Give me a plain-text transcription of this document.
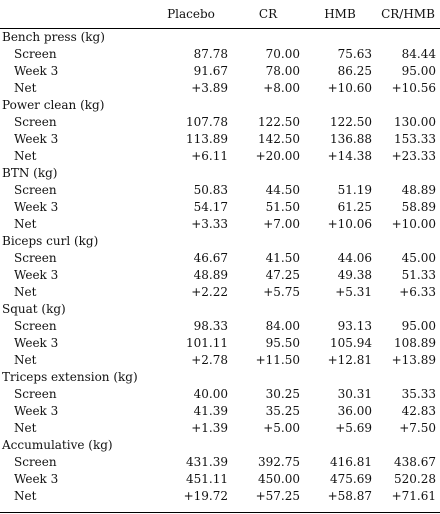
	Placebo	CR	HMB	CR/HMB
Bench press (kg)				
Screen	87.78	70.00	75.63	84.44
Week 3	91.67	78.00	86.25	95.00
Net	+3.89	+8.00	+10.60	+10.56
Power clean (kg)				
Screen	107.78	122.50	122.50	130.00
Week 3	113.89	142.50	136.88	153.33
Net	+6.11	+20.00	+14.38	+23.33
BTN (kg)				
Screen	50.83	44.50	51.19	48.89
Week 3	54.17	51.50	61.25	58.89
Net	+3.33	+7.00	+10.06	+10.00
Biceps curl (kg)				
Screen	46.67	41.50	44.06	45.00
Week 3	48.89	47.25	49.38	51.33
Net	+2.22	+5.75	+5.31	+6.33
Squat (kg)				
Screen	98.33	84.00	93.13	95.00
Week 3	101.11	95.50	105.94	108.89
Net	+2.78	+11.50	+12.81	+13.89
Triceps extension (kg)				
Screen	40.00	30.25	30.31	35.33
Week 3	41.39	35.25	36.00	42.83
Net	+1.39	+5.00	+5.69	+7.50
Accumulative (kg)				
Screen	431.39	392.75	416.81	438.67
Week 3	451.11	450.00	475.69	520.28
Net	+19.72	+57.25	+58.87	+71.61
